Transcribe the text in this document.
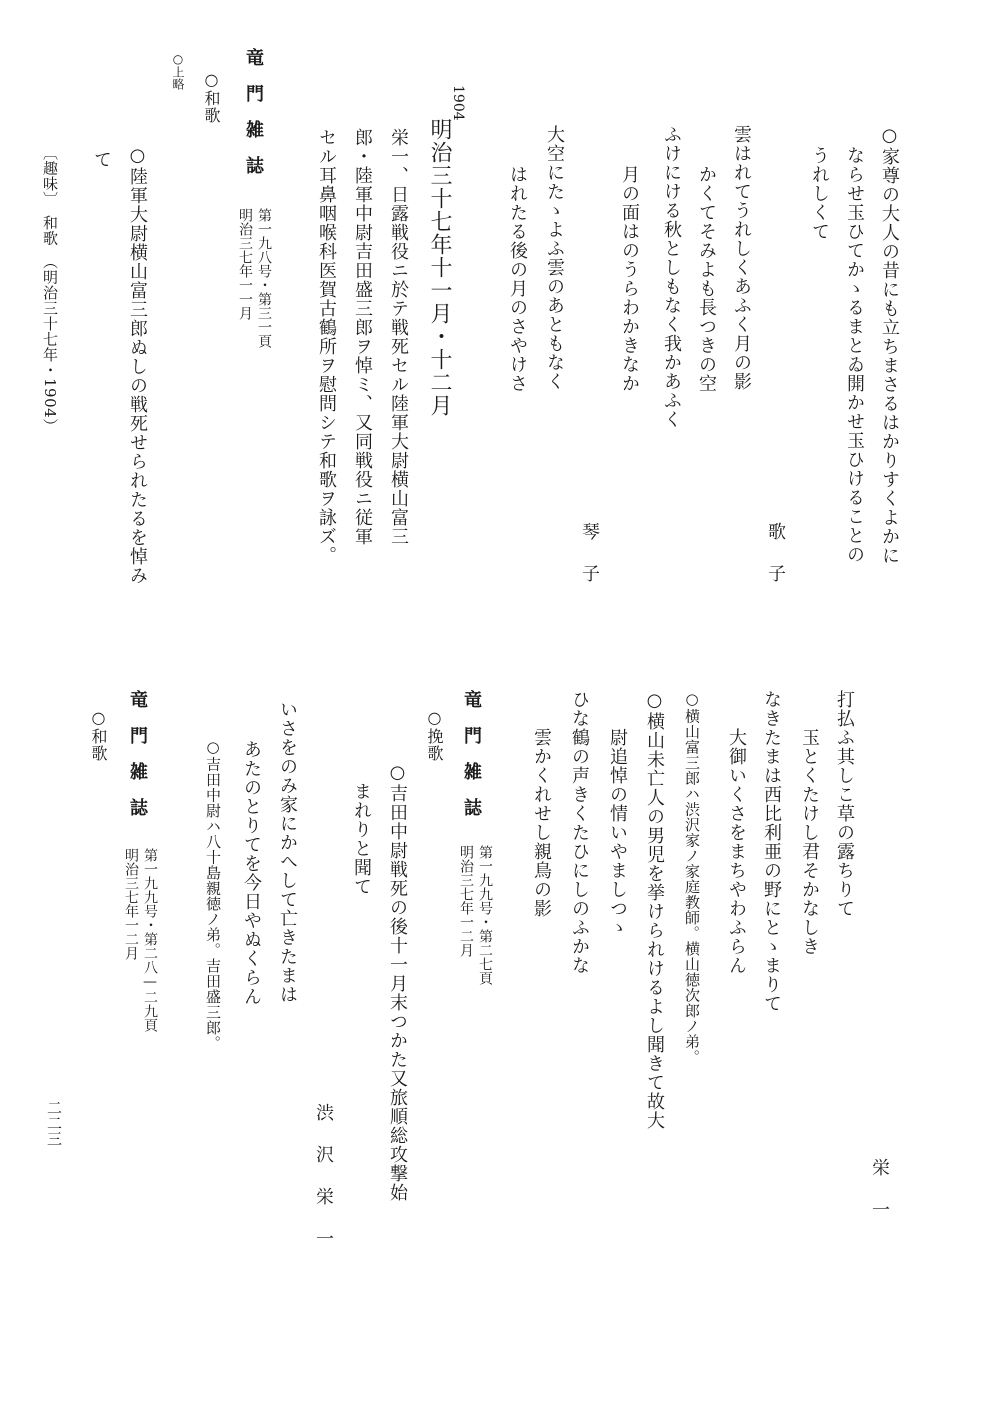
○家尊の大人の昔にも立ちまさるはかりすくよかに
ならせ玉ひてかゝるまとゐ開かせ玉ひけることの
うれしくて
雲はれてうれしくあふく月の影
かくてそみよも長つきの空
歌子
ふけにける秋としもなく我かあふく
月の面はのうらわかきなか
大空にたゝよふ雲のあともなく
はれたる後の月のさやけさ
琴子
1904
明治三十七年十一月・十二月
栄一、日露戦役ニ於テ戦死セル陸軍大尉横山富三
郎・陸軍中尉吉田盛三郎ヲ悼ミ、又同戦役ニ従軍
セル耳鼻咽喉科医賀古鶴所ヲ慰問シテ和歌ヲ詠ズ。
竜門雑誌
第一九八号・第三一頁
明治三七年一一月
○上略 ○和歌
○陸軍大尉横山富三郎ぬしの戦死せられたるを悼み
て
〔趣味〕　和歌　（明治三十七年・1904）
打払ふ其しこ草の露ちりて
玉とくたけし君そかなしき
栄一
なきたまは西比利亜の野にとゝまりて
大御いくさをまちやわふらん
○横山富三郎ハ渋沢家ノ家庭教師。横山徳次郎ノ弟。
○横山未亡人の男児を挙けられけるよし聞きて故大
尉追悼の情いやましつゝ
ひな鶴の声きくたひにしのふかな
雲かくれせし親鳥の影
竜門雑誌
第一九九号・第二七頁
明治三七年一二月
○挽歌
○吉田中尉戦死の後十一月末つかた又旅順総攻撃始
まれりと聞て
いさをのみ家にかへして亡きたまは
あたのとりてを今日やぬくらん
渋沢栄一
○吉田中尉ハ八十島親徳ノ弟。吉田盛三郎。
竜門雑誌
第一九九号・第二八—二九頁
明治三七年一二月
○和歌
二二三
